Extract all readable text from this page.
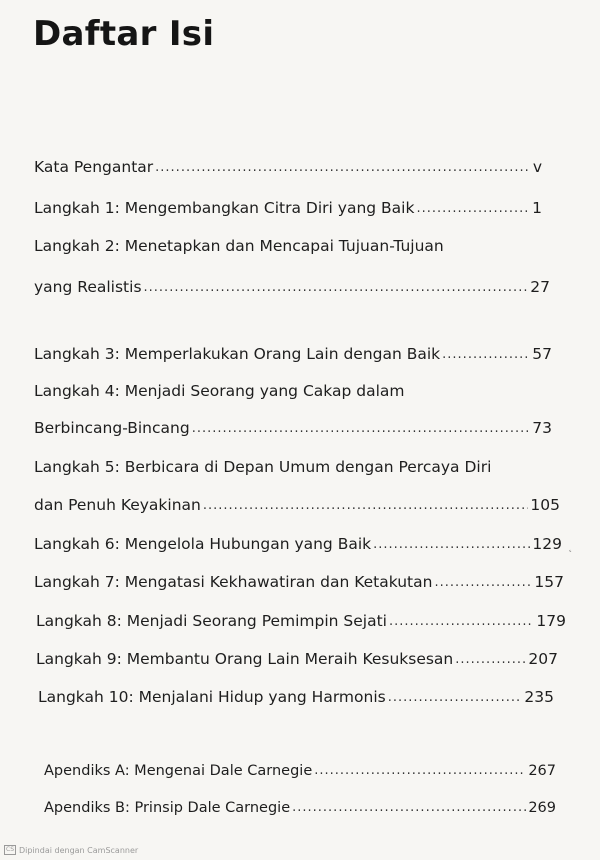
Daftar Isi
Kata Pengantar .....	v
Langkah 1: Mengembangkan Citra Diri yang Baik .....	1
Langkah 2: Menetapkan dan Mencapai Tujuan-Tujuan
yang Realistis .....	27
Langkah 3: Memperlakukan Orang Lain dengan Baik .....	57
Langkah 4: Menjadi Seorang yang Cakap dalam
Berbincang-Bincang .....	73
Langkah 5: Berbicara di Depan Umum dengan Percaya Diri
dan Penuh Keyakinan .....	105
Langkah 6: Mengelola Hubungan yang Baik .....	129
Langkah 7: Mengatasi Kekhawatiran dan Ketakutan .....	157
Langkah 8: Menjadi Seorang Pemimpin Sejati .....	179
Langkah 9: Membantu Orang Lain Meraih Kesuksesan .....	207
Langkah 10: Menjalani Hidup yang Harmonis .....	235
Apendiks A: Mengenai Dale Carnegie .....	267
Apendiks B: Prinsip Dale Carnegie .....	269
˛
CS Dipindai dengan CamScanner
